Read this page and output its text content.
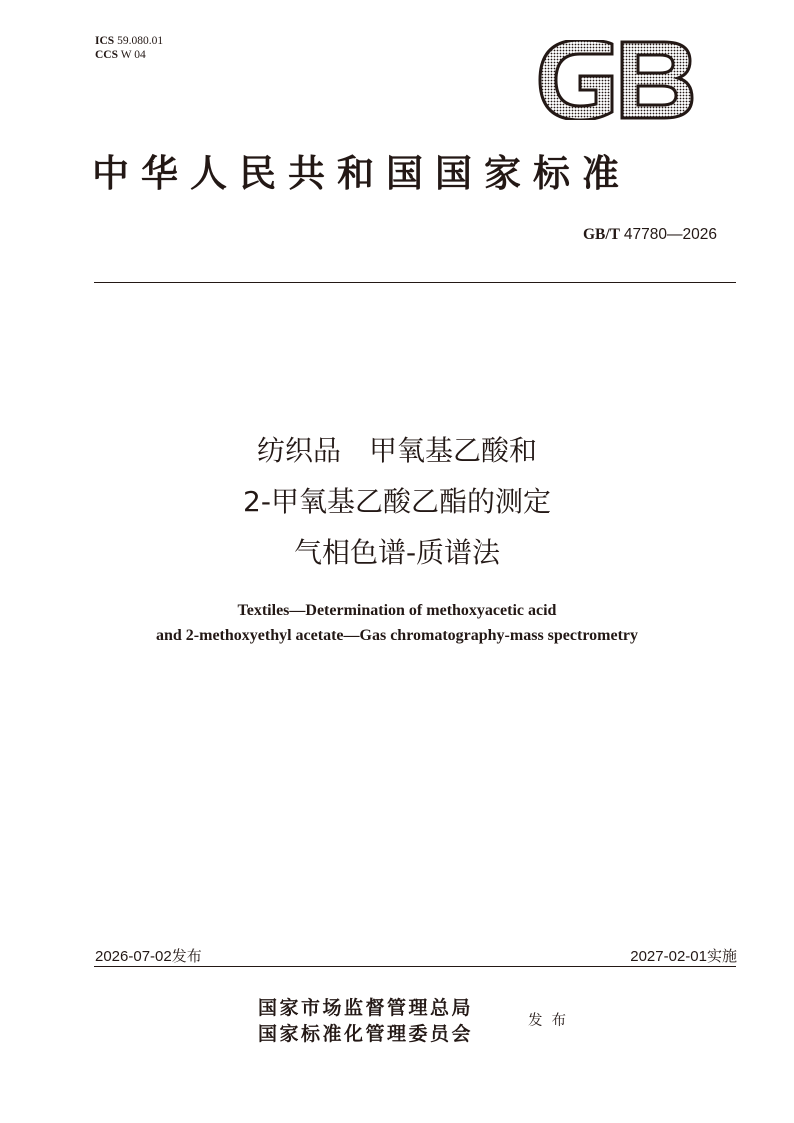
ICS 59.080.01
CCS W 04
中华人民共和国国家标准
GB/T 47780—2026
纺织品　甲氧基乙酸和
2-甲氧基乙酸乙酯的测定
气相色谱-质谱法
Textiles—Determination of methoxyacetic acid
and 2-methoxyethyl acetate—Gas chromatography-mass spectrometry
2026-07-02发布	2027-02-01实施
国家市场监督管理总局
国家标准化管理委员会
发布
